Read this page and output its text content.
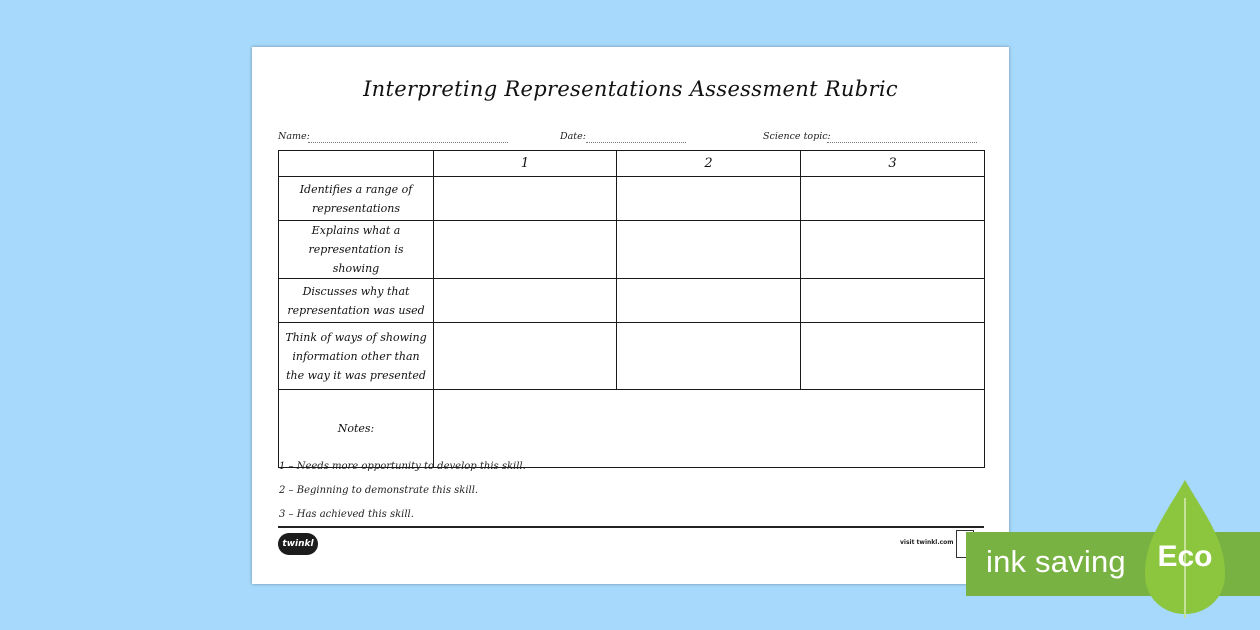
Interpreting Representations Assessment Rubric
Name:	Date:	Science topic:
	1	2	3
Identifies a range of representations			
Explains what a representation is showing			
Discusses why that representation was used			
Think of ways of showing information other than the way it was presented			
Notes:			
1 – Needs more opportunity to develop this skill.
2 – Beginning to demonstrate this skill.
3 – Has achieved this skill.
twinkl	visit twinkl.com
ink saving	Eco
